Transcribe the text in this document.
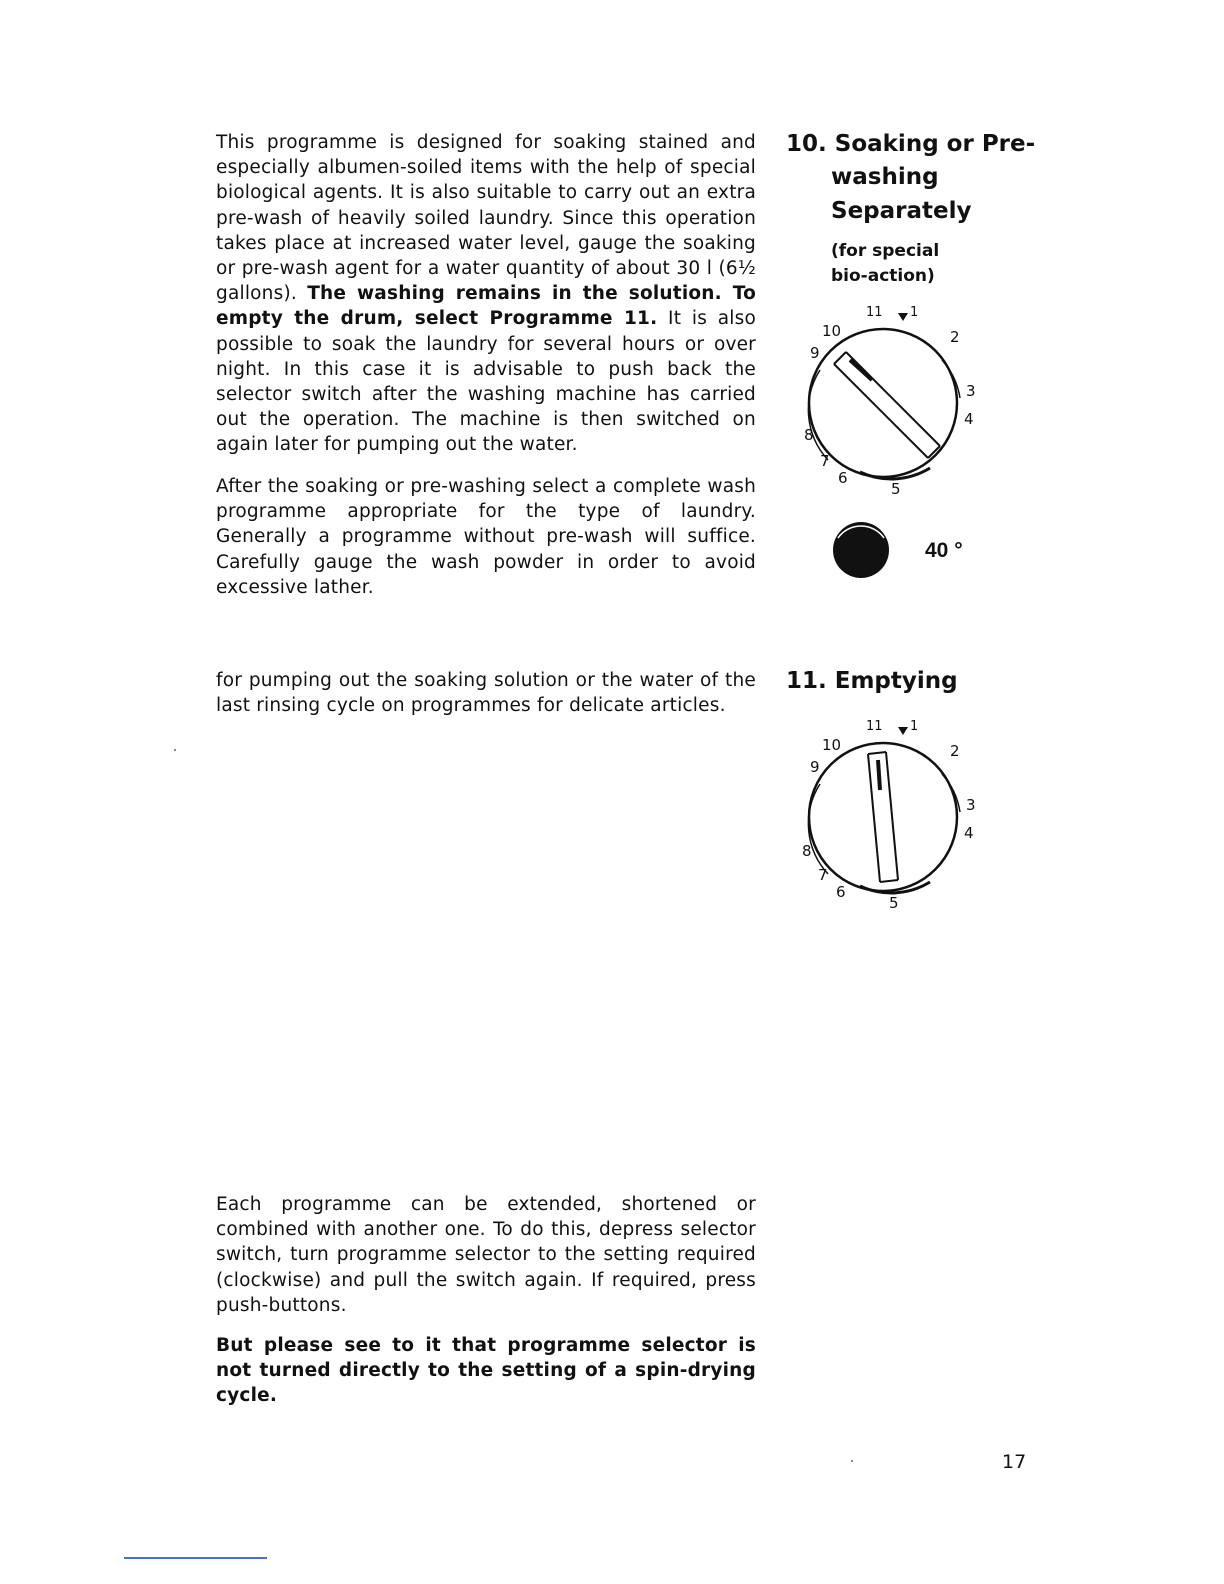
10. Soaking or Pre-
washing
Separately
(for special
bio-action)

This programme is designed for soaking stained and especially albumen-soiled items with the help of special biological agents. It is also suitable to carry out an extra pre-wash of heavily soiled laundry. Since this operation takes place at increased water level, gauge the soaking or pre-wash agent for a water quantity of about 30 l (6½ gallons). The washing remains in the solution. To empty the drum, select Programme 11. It is also possible to soak the laundry for several hours or over night. In this case it is advisable to push back the selector switch after the washing machine has carried out the operation. The machine is then switched on again later for pumping out the water.

After the soaking or pre-washing select a complete wash programme appropriate for the type of laundry. Generally a programme without pre-wash will suffice. Carefully gauge the wash powder in order to avoid excessive lather.

10
11 1
2
3
4
5
6
7
8
9
40 °
11. Emptying

for pumping out the soaking solution or the water of the last rinsing cycle on programmes for delicate articles.

10
11 1
2
3
4
5
6
7
8
9

Each programme can be extended, shortened or combined with another one. To do this, depress selector switch, turn programme selector to the setting required (clockwise) and pull the switch again. If required, press push-buttons.

But please see to it that programme selector is not turned directly to the setting of a spin-drying cycle.

17
